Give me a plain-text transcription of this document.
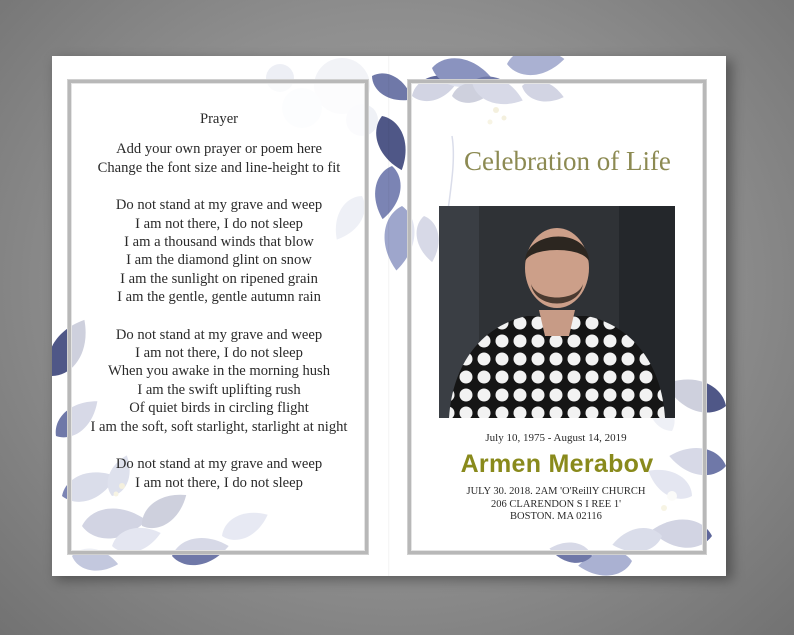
Prayer
Add your own prayer or poem here
Change the font size and line-height to fit
Do not stand at my grave and weep
I am not there, I do not sleep
I am a thousand winds that blow
I am the diamond glint on snow
I am the sunlight on ripened grain
I am the gentle, gentle autumn rain
Do not stand at my grave and weep
I am not there, I do not sleep
When you awake in the morning hush
I am the swift uplifting rush
Of quiet birds in circling flight
I am the soft, soft starlight, starlight at night
Do not stand at my grave and weep
I am not there, I do not sleep
Celebration of Life
July 10, 1975 - August 14, 2019
Armen Merabov
JULY 30. 2018. 2AM 'O'ReillY CHURCH
206 CLARENDON S I REE 1'
BOSTON. MA 02116
